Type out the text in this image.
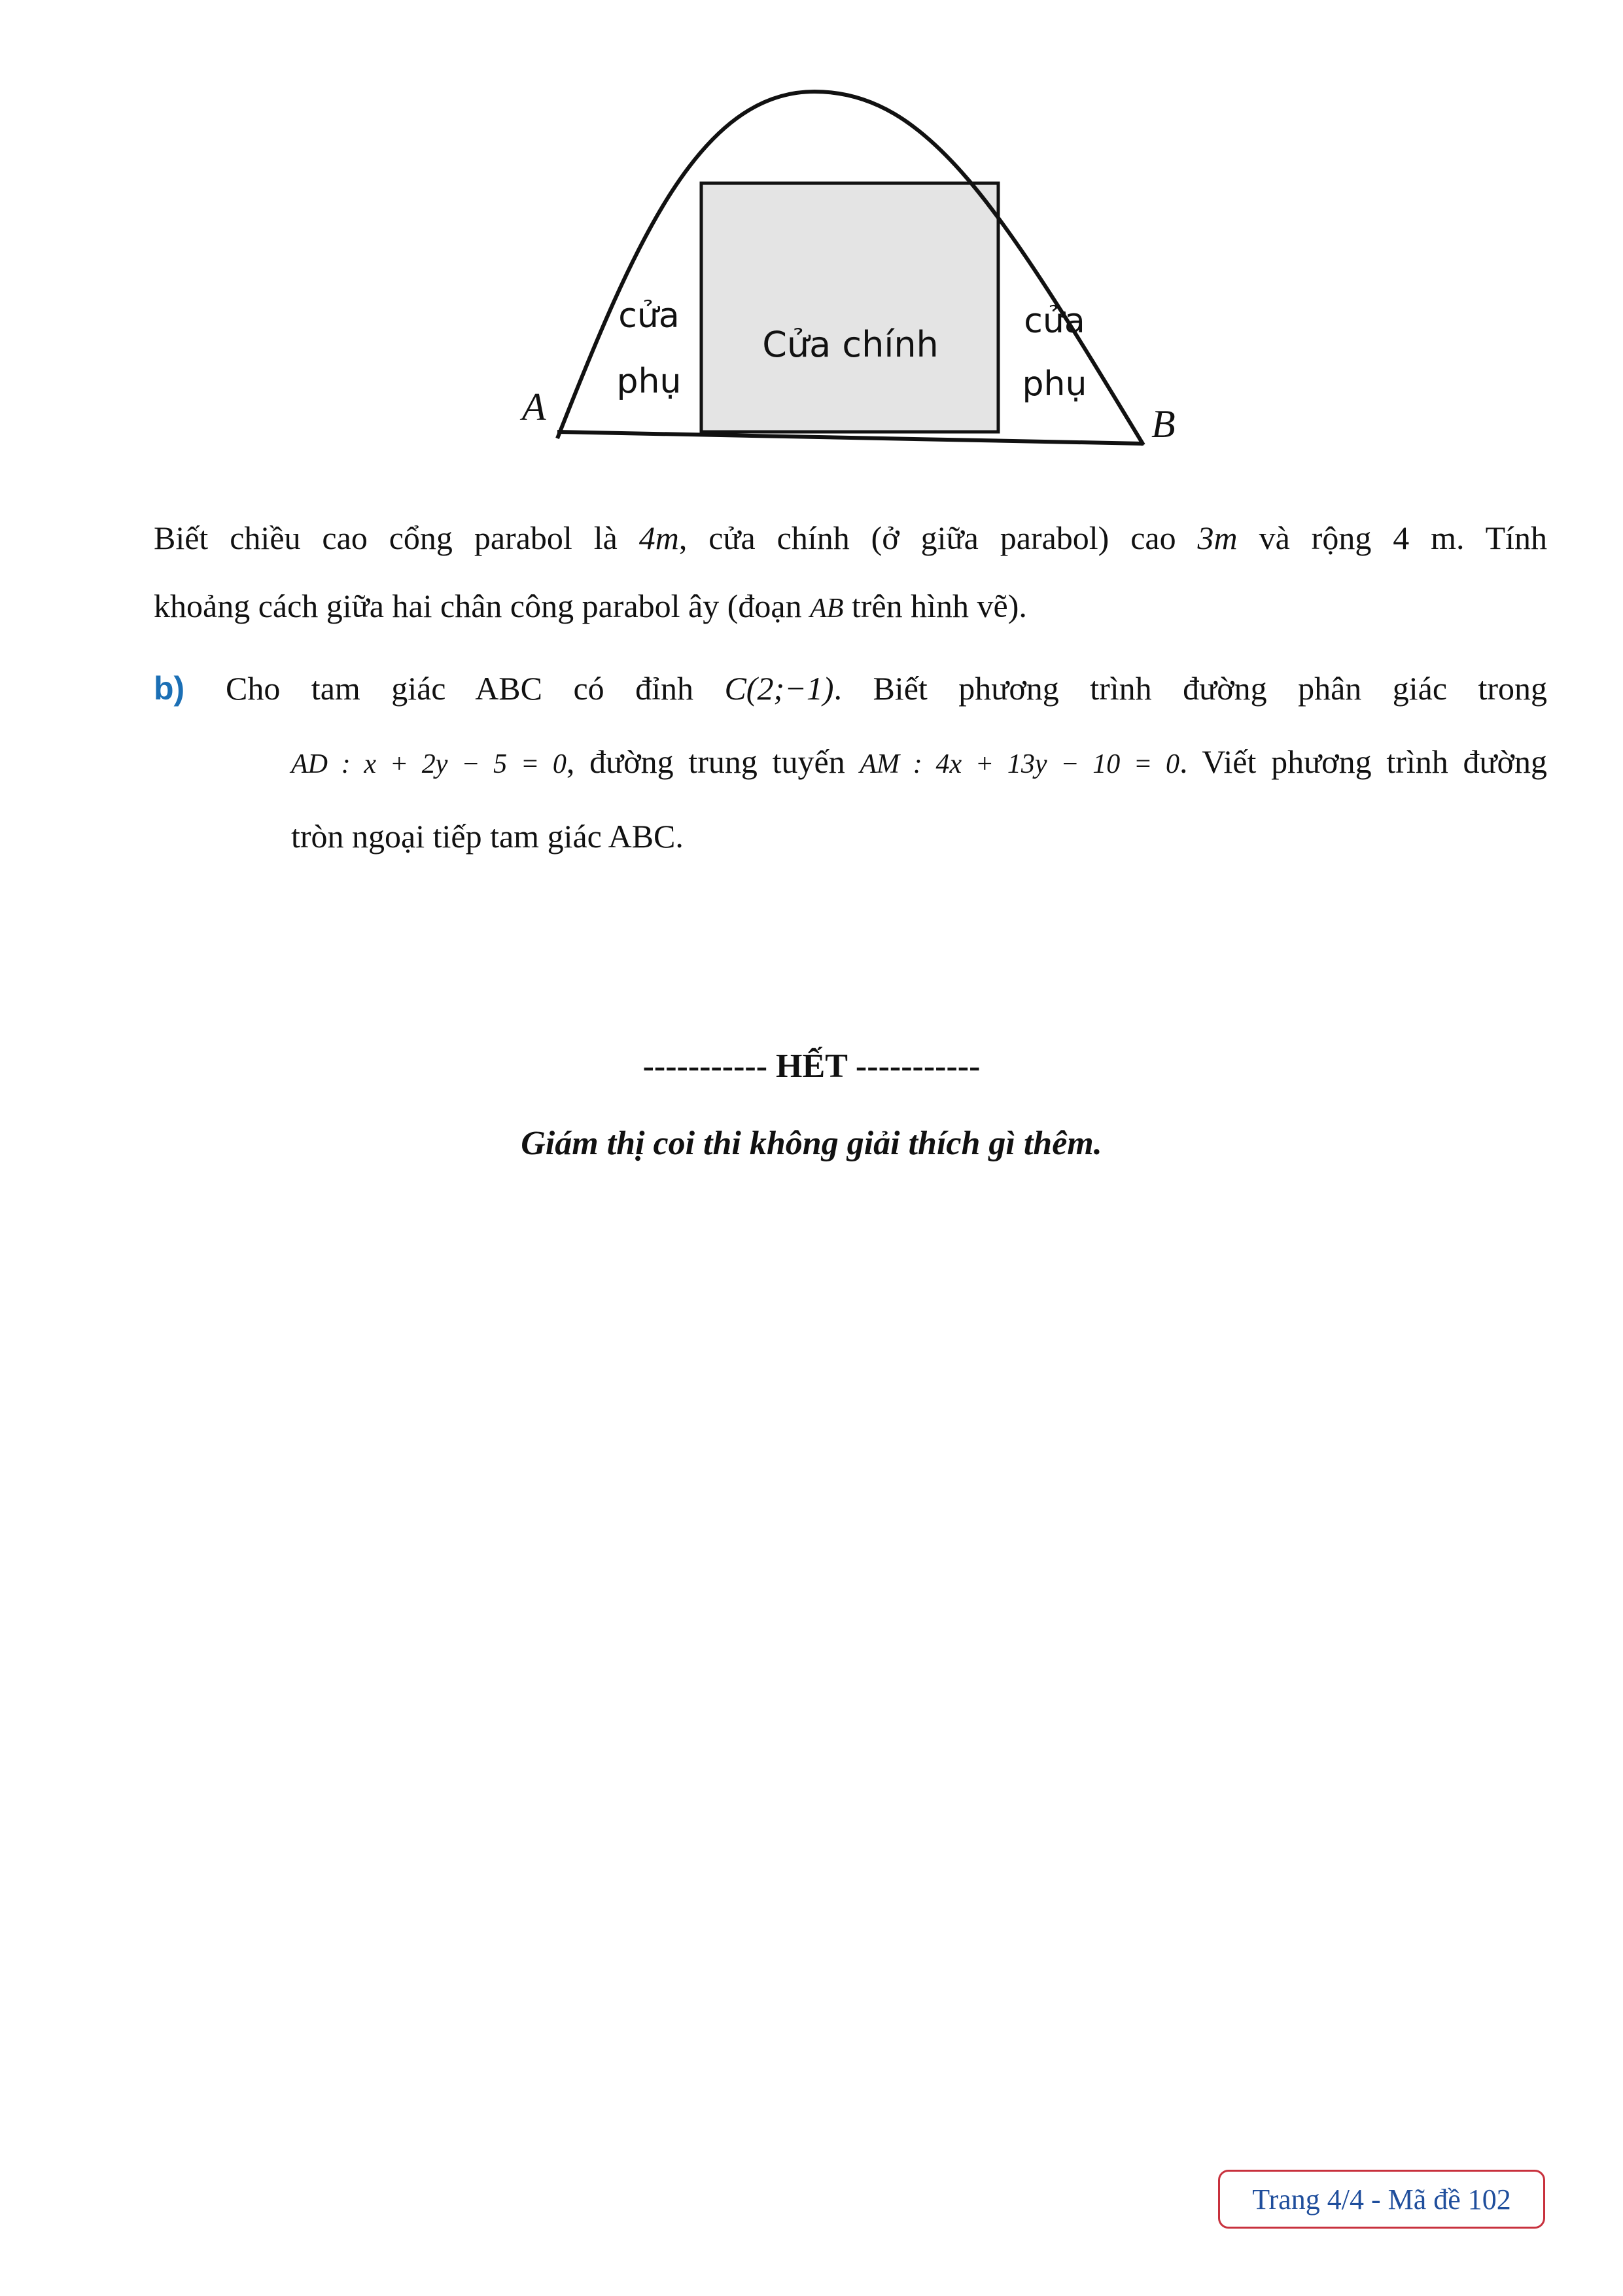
Cửa chính
cửa
phụ
cửa
phụ
A	B
Biết chiều cao cổng parabol là 4m, cửa chính (ở giữa parabol) cao 3m và rộng 4 m. Tính
khoảng cách giữa hai chân công parabol ây (đoạn AB trên hình vẽ).
b) Cho tam giác ABC có đỉnh C(2;−1). Biết phương trình đường phân giác trong
AD : x + 2y − 5 = 0, đường trung tuyến AM : 4x + 13y − 10 = 0. Viết phương trình đường
tròn ngoại tiếp tam giác ABC.
----------- HẾT -----------
Giám thị coi thi không giải thích gì thêm.
Trang 4/4 - Mã đề 102
